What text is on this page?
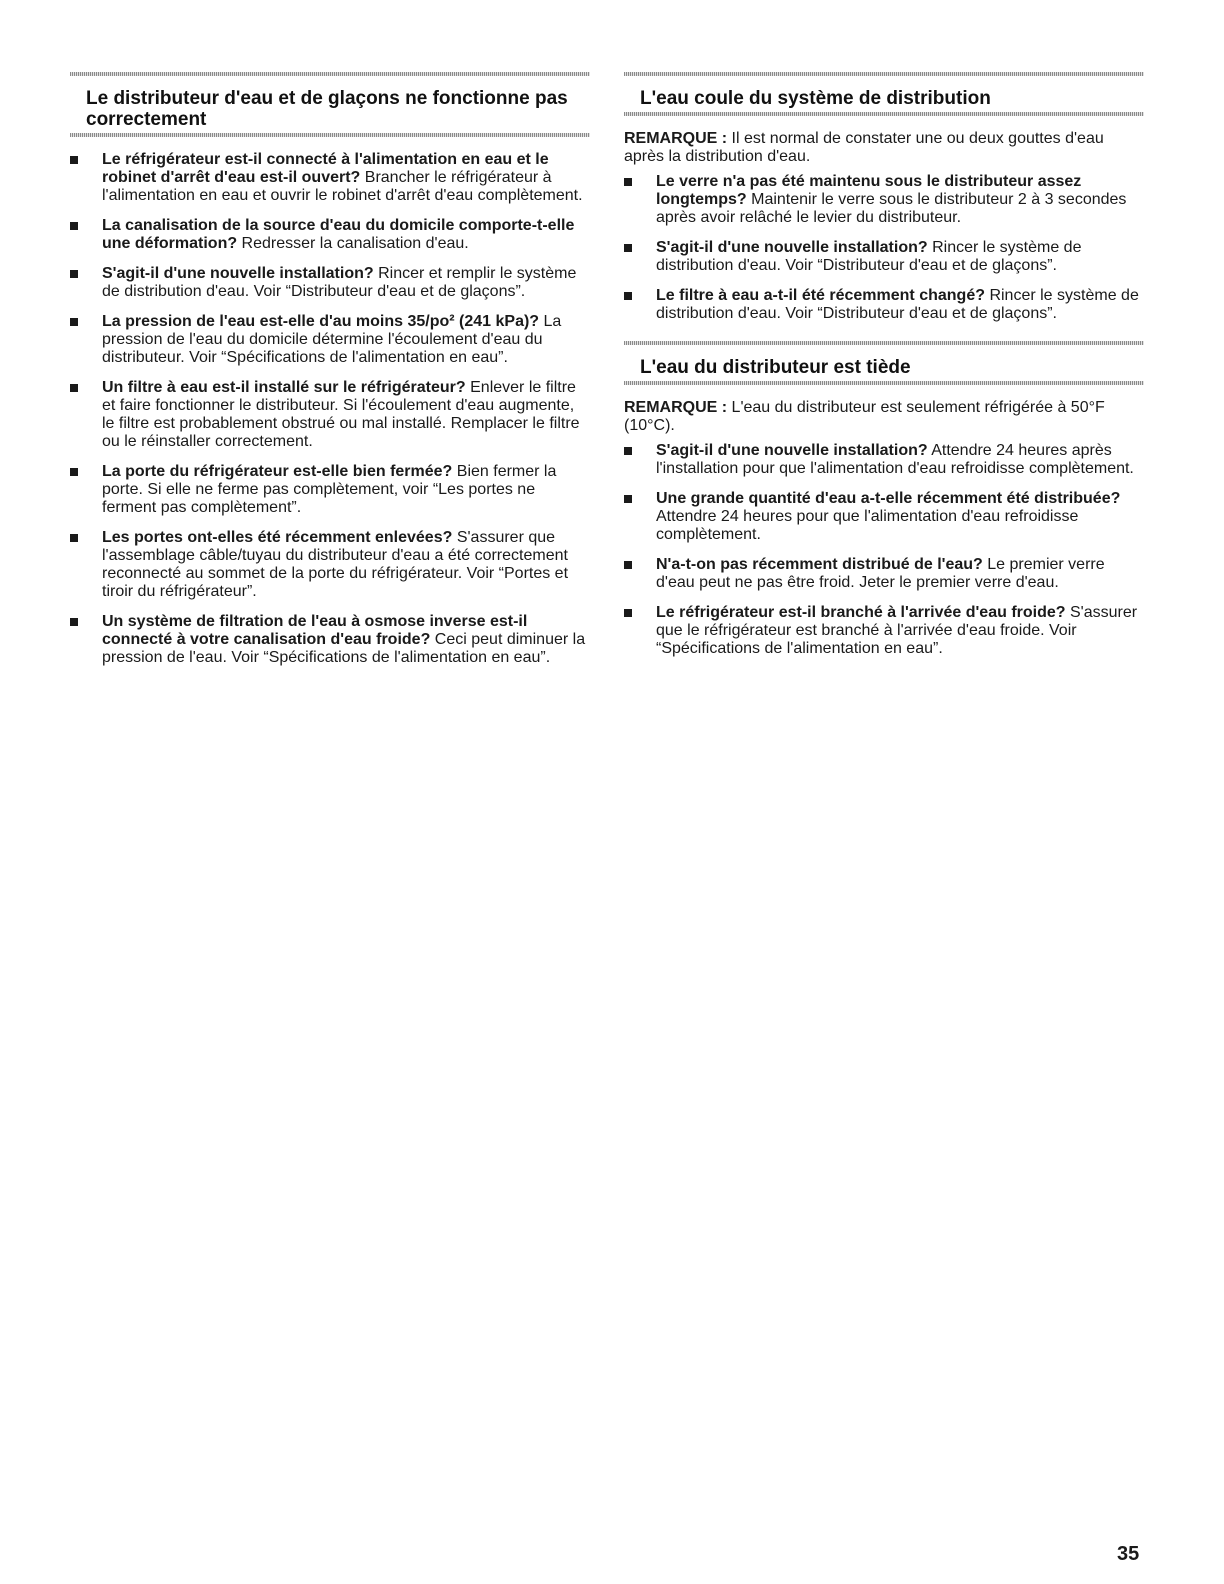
Le distributeur d'eau et de glaçons ne fonctionne pas correctement
Le réfrigérateur est-il connecté à l'alimentation en eau et le robinet d'arrêt d'eau est-il ouvert? Brancher le réfrigérateur à l'alimentation en eau et ouvrir le robinet d'arrêt d'eau complètement.
La canalisation de la source d'eau du domicile comporte-t-elle une déformation? Redresser la canalisation d'eau.
S'agit-il d'une nouvelle installation? Rincer et remplir le système de distribution d'eau. Voir “Distributeur d'eau et de glaçons”.
La pression de l'eau est-elle d'au moins 35/po² (241 kPa)? La pression de l'eau du domicile détermine l'écoulement d'eau du distributeur. Voir “Spécifications de l'alimentation en eau”.
Un filtre à eau est-il installé sur le réfrigérateur? Enlever le filtre et faire fonctionner le distributeur. Si l'écoulement d'eau augmente, le filtre est probablement obstrué ou mal installé. Remplacer le filtre ou le réinstaller correctement.
La porte du réfrigérateur est-elle bien fermée? Bien fermer la porte. Si elle ne ferme pas complètement, voir “Les portes ne ferment pas complètement”.
Les portes ont-elles été récemment enlevées? S'assurer que l'assemblage câble/tuyau du distributeur d'eau a été correctement reconnecté au sommet de la porte du réfrigérateur. Voir “Portes et tiroir du réfrigérateur”.
Un système de filtration de l'eau à osmose inverse est-il connecté à votre canalisation d'eau froide? Ceci peut diminuer la pression de l'eau. Voir “Spécifications de l'alimentation en eau”.
L'eau coule du système de distribution

REMARQUE : Il est normal de constater une ou deux gouttes d'eau après la distribution d'eau.

Le verre n'a pas été maintenu sous le distributeur assez longtemps? Maintenir le verre sous le distributeur 2 à 3 secondes après avoir relâché le levier du distributeur.
S'agit-il d'une nouvelle installation? Rincer le système de distribution d'eau. Voir “Distributeur d'eau et de glaçons”.
Le filtre à eau a-t-il été récemment changé? Rincer le système de distribution d'eau. Voir “Distributeur d'eau et de glaçons”.
L'eau du distributeur est tiède

REMARQUE : L'eau du distributeur est seulement réfrigérée à 50°F (10°C).

S'agit-il d'une nouvelle installation? Attendre 24 heures après l'installation pour que l'alimentation d'eau refroidisse complètement.
Une grande quantité d'eau a-t-elle récemment été distribuée? Attendre 24 heures pour que l'alimentation d'eau refroidisse complètement.
N'a-t-on pas récemment distribué de l'eau? Le premier verre d'eau peut ne pas être froid. Jeter le premier verre d'eau.
Le réfrigérateur est-il branché à l'arrivée d'eau froide? S'assurer que le réfrigérateur est branché à l'arrivée d'eau froide. Voir “Spécifications de l'alimentation en eau”.
35
